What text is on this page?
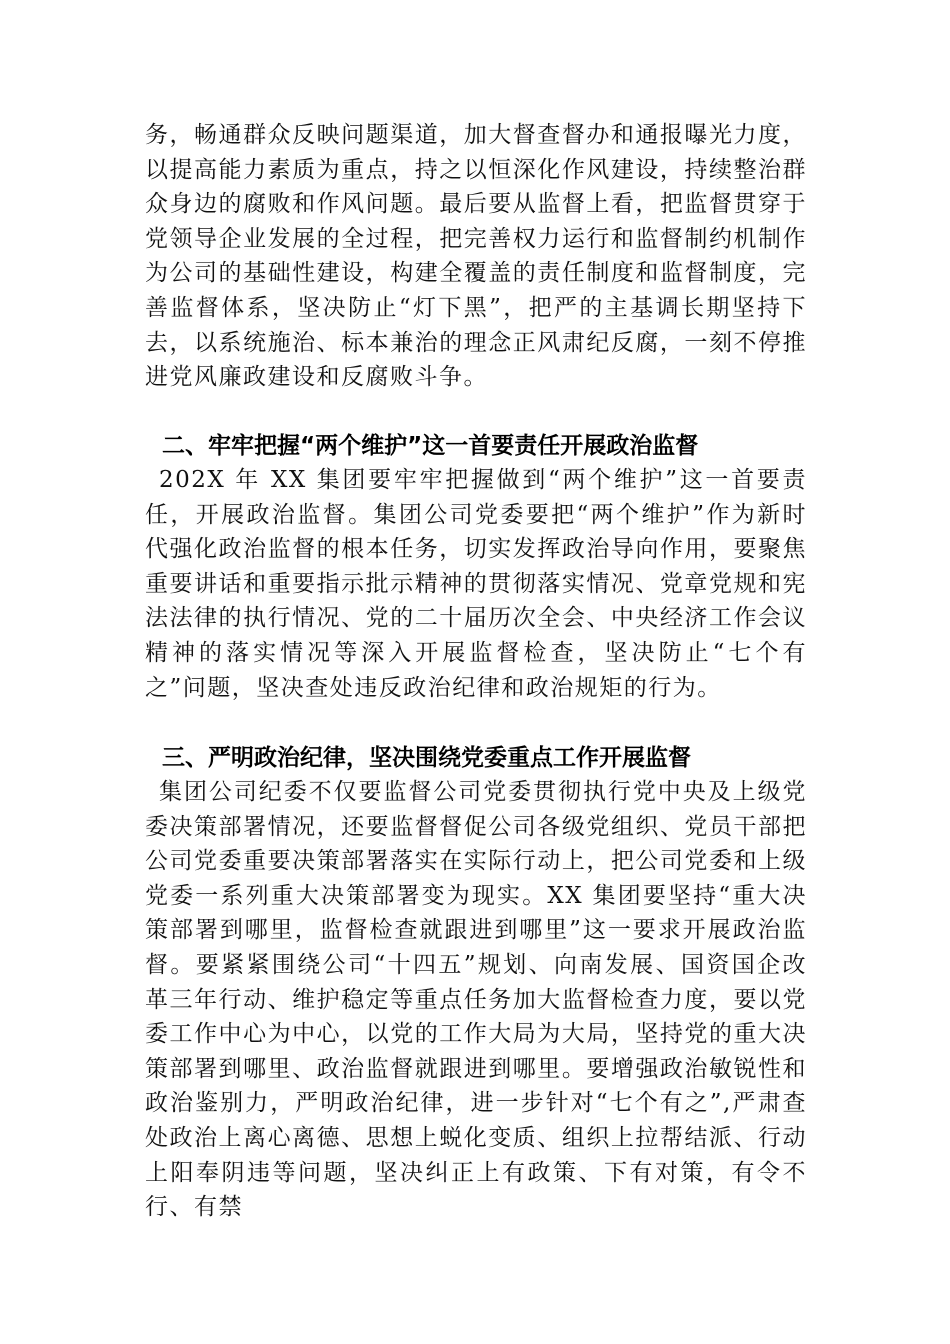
务，畅通群众反映问题渠道，加大督查督办和通报曝光力度，以提高能力素质为重点，持之以恒深化作风建设，持续整治群众身边的腐败和作风问题。最后要从监督上看，把监督贯穿于党领导企业发展的全过程，把完善权力运行和监督制约机制作为公司的基础性建设，构建全覆盖的责任制度和监督制度，完善监督体系，坚决防止“灯下黑”，把严的主基调长期坚持下去，以系统施治、标本兼治的理念正风肃纪反腐，一刻不停推进党风廉政建设和反腐败斗争。
二、牢牢把握“两个维护”这一首要责任开展政治监督
202X 年 XX 集团要牢牢把握做到“两个维护”这一首要责任，开展政治监督。集团公司党委要把“两个维护”作为新时代强化政治监督的根本任务，切实发挥政治导向作用，要聚焦重要讲话和重要指示批示精神的贯彻落实情况、党章党规和宪法法律的执行情况、党的二十届历次全会、中央经济工作会议精神的落实情况等深入开展监督检查，坚决防止“七个有之”问题，坚决查处违反政治纪律和政治规矩的行为。
三、严明政治纪律，坚决围绕党委重点工作开展监督
集团公司纪委不仅要监督公司党委贯彻执行党中央及上级党委决策部署情况，还要监督督促公司各级党组织、党员干部把公司党委重要决策部署落实在实际行动上，把公司党委和上级党委一系列重大决策部署变为现实。XX 集团要坚持“重大决策部署到哪里，监督检查就跟进到哪里”这一要求开展政治监督。要紧紧围绕公司“十四五”规划、向南发展、国资国企改革三年行动、维护稳定等重点任务加大监督检查力度，要以党委工作中心为中心，以党的工作大局为大局，坚持党的重大决策部署到哪里、政治监督就跟进到哪里。要增强政治敏锐性和政治鉴别力，严明政治纪律，进一步针对“七个有之”,严肃查处政治上离心离德、思想上蜕化变质、组织上拉帮结派、行动上阳奉阴违等问题，坚决纠正上有政策、下有对策，有令不行、有禁
